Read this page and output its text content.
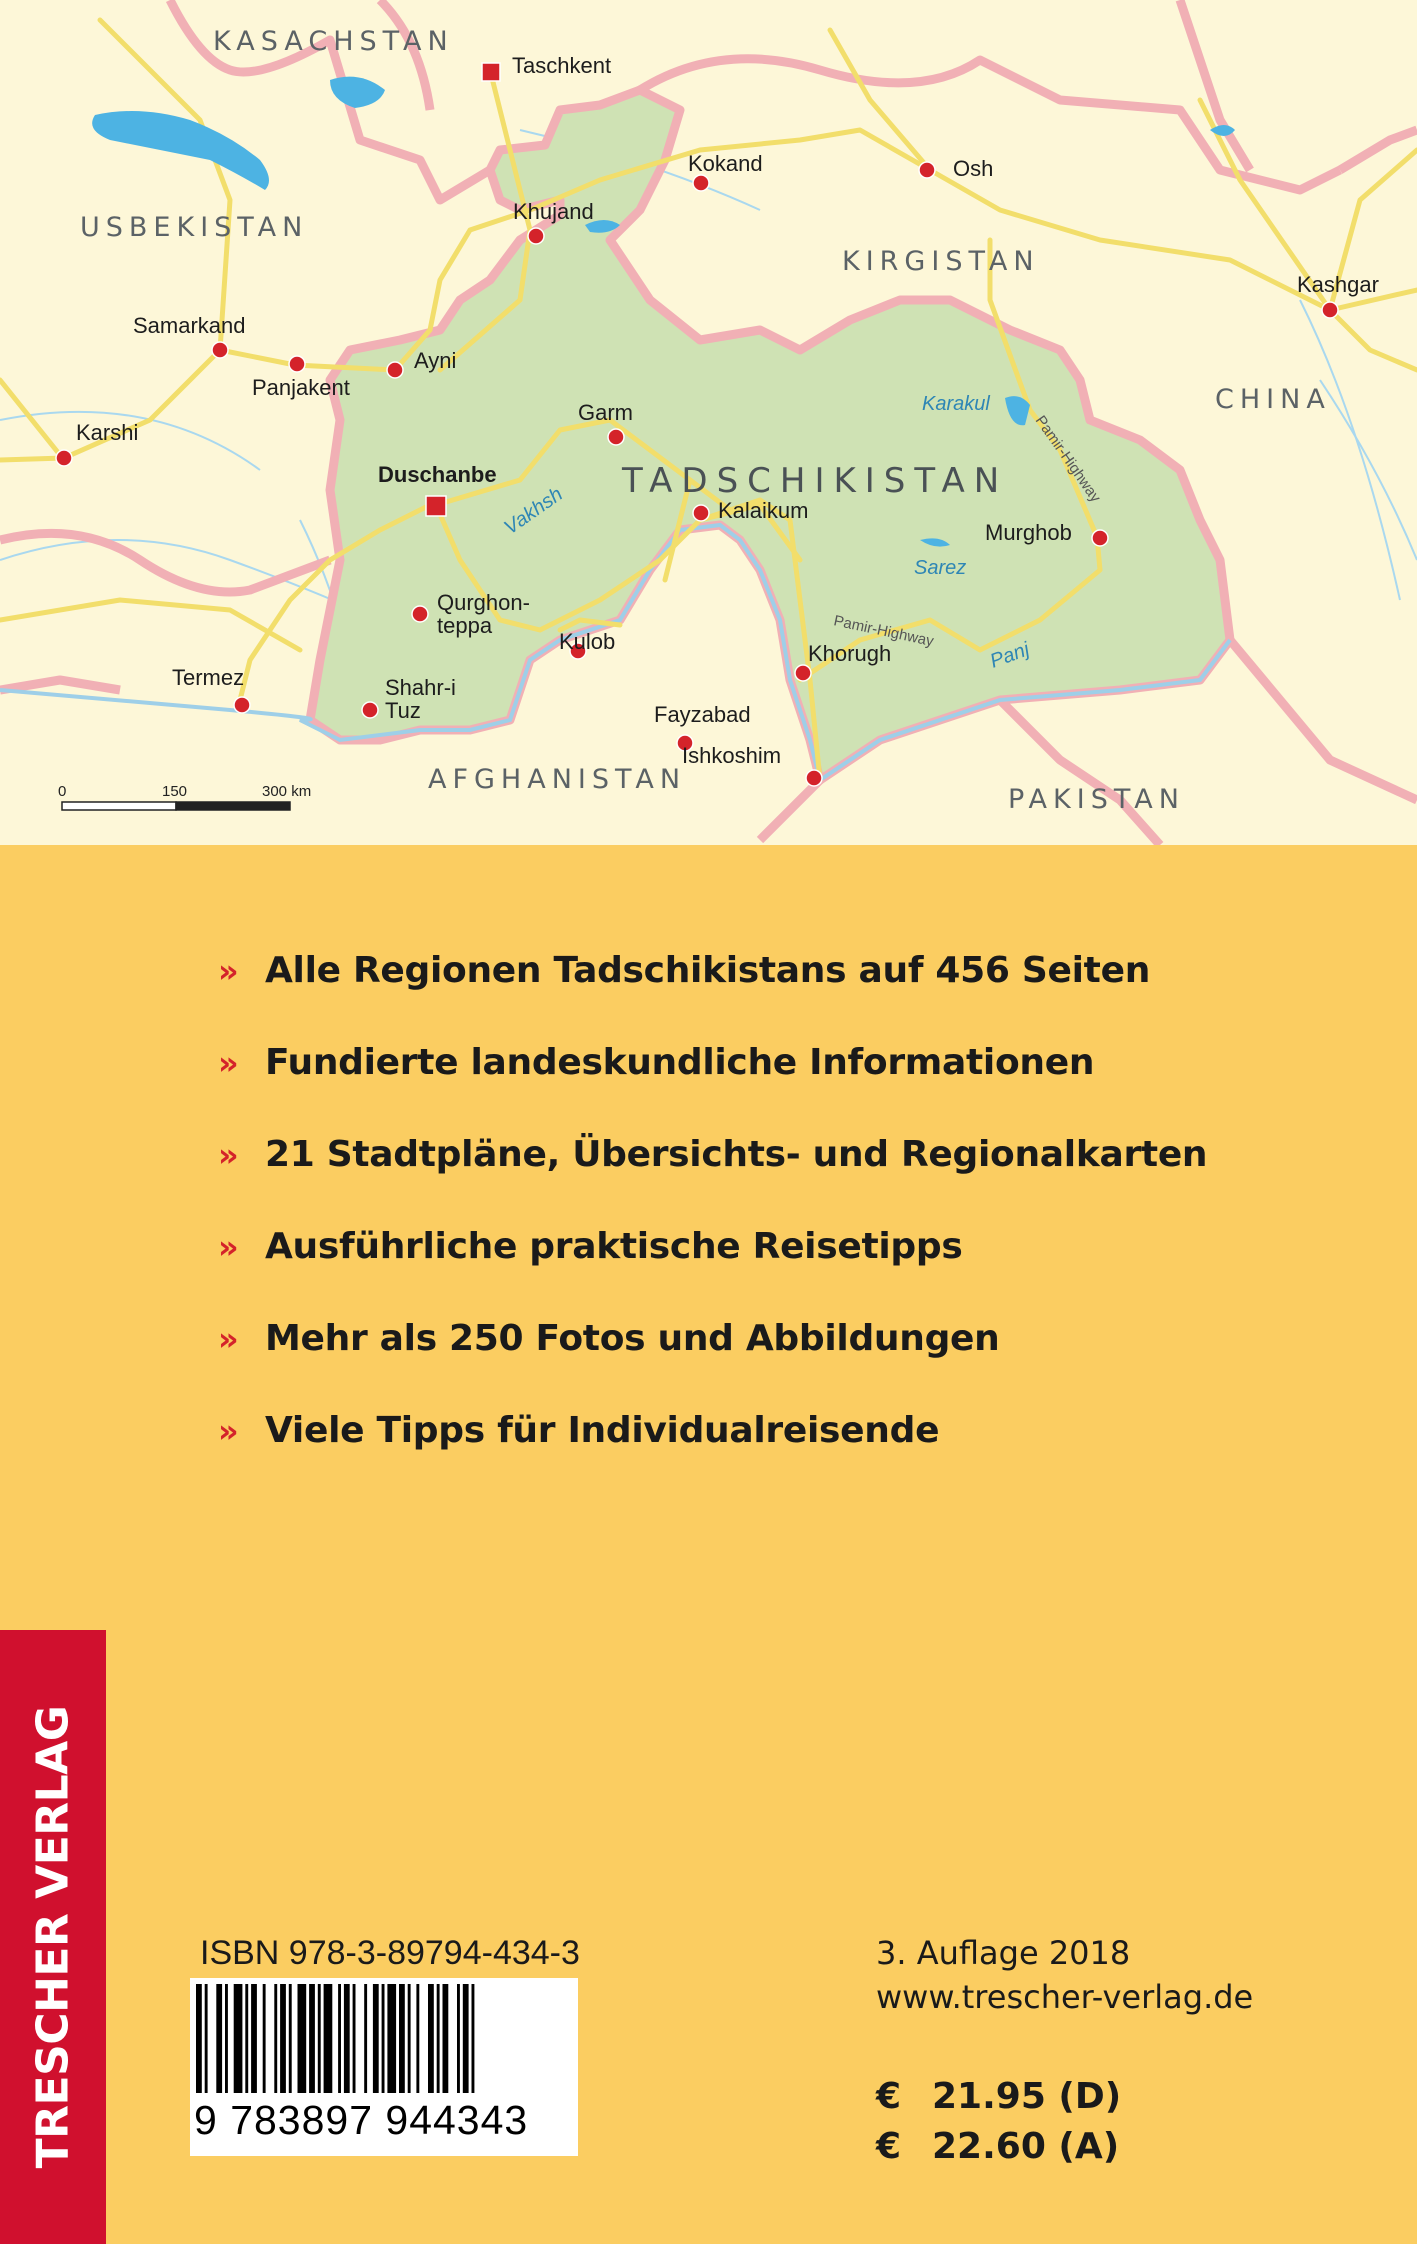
KASACHSTAN
USBEKISTAN
KIRGISTAN
CHINA
TADSCHIKISTAN
AFGHANISTAN
PAKISTAN
Karakul
Sarez
Vakhsh
Panj
Pamir-Highway
Pamir-Highway
Taschkent
Kokand	Osh
Khujand
Kashgar
Samarkand
Panjakent
Ayni
Karshi
Garm
Duschanbe
Kalaikum
Murghob
Qurghon-
teppa
Kulob	Khorugh
Termez	Shahr-i
Tuz	Fayzabad
Ishkoshim
0	150	300 km
» Alle Regionen Tadschikistans auf 456 Seiten
» Fundierte landeskundliche Informationen
» 21 Stadtpläne, Übersichts- und Regionalkarten
» Ausführliche praktische Reisetipps
» Mehr als 250 Fotos und Abbildungen
» Viele Tipps für Individualreisende
TRESCHER VERLAG	ISBN 978-3-89794-434-3
9 783897 944343
3. Auflage 2018
www.trescher-verlag.de
€ 21.95 (D)
€ 22.60 (A)
